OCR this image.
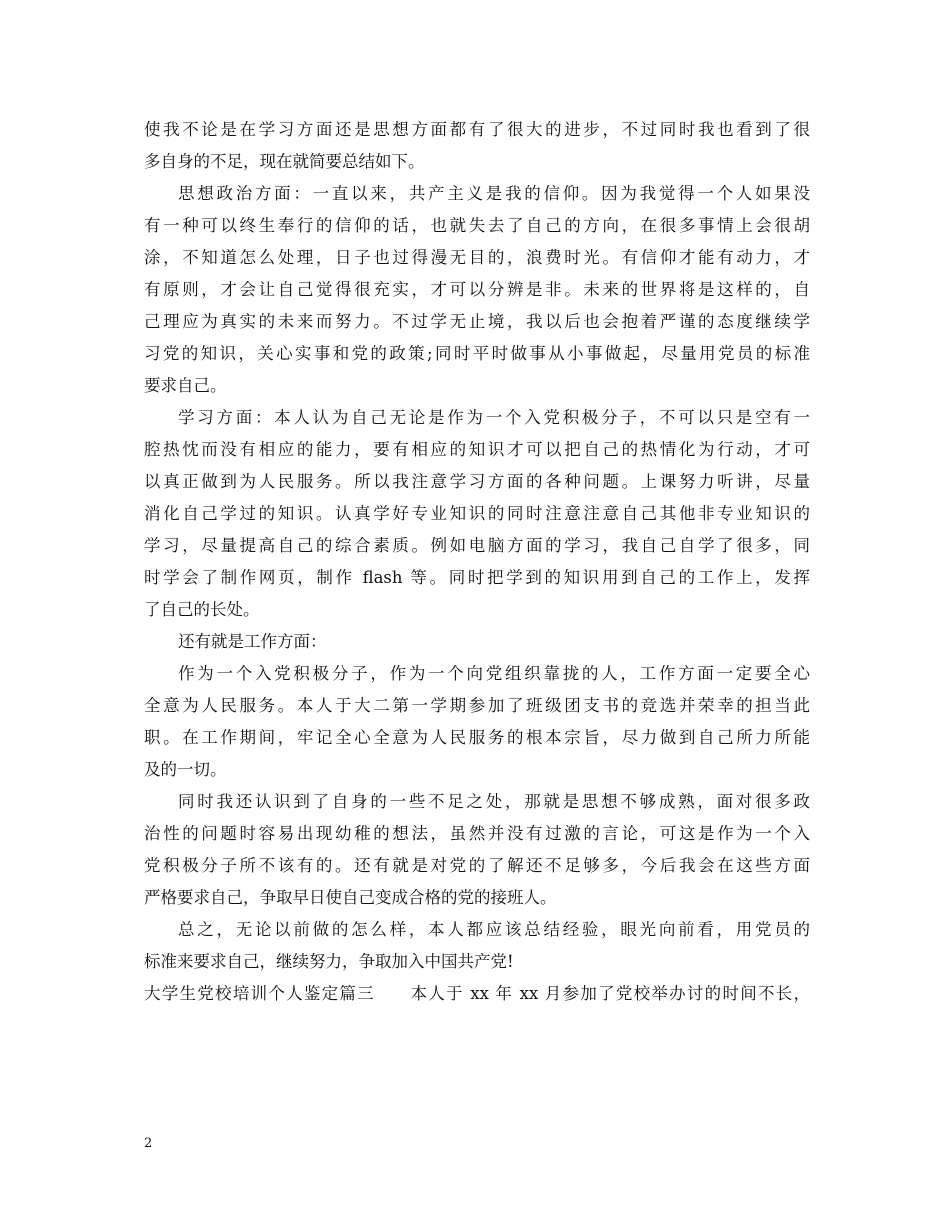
使我不论是在学习方面还是思想方面都有了很大的进步，不过同时我也看到了很
多自身的不足，现在就简要总结如下。
思想政治方面：一直以来，共产主义是我的信仰。因为我觉得一个人如果没
有一种可以终生奉行的信仰的话，也就失去了自己的方向，在很多事情上会很胡
涂，不知道怎么处理，日子也过得漫无目的，浪费时光。有信仰才能有动力，才
有原则，才会让自己觉得很充实，才可以分辨是非。未来的世界将是这样的，自
己理应为真实的未来而努力。不过学无止境，我以后也会抱着严谨的态度继续学
习党的知识，关心实事和党的政策;同时平时做事从小事做起，尽量用党员的标准
要求自己。
学习方面：本人认为自己无论是作为一个入党积极分子，不可以只是空有一
腔热忱而没有相应的能力，要有相应的知识才可以把自己的热情化为行动，才可
以真正做到为人民服务。所以我注意学习方面的各种问题。上课努力听讲，尽量
消化自己学过的知识。认真学好专业知识的同时注意注意自己其他非专业知识的
学习，尽量提高自己的综合素质。例如电脑方面的学习，我自己自学了很多，同
时学会了制作网页，制作 flash 等。同时把学到的知识用到自己的工作上，发挥
了自己的长处。
还有就是工作方面：
作为一个入党积极分子，作为一个向党组织靠拢的人，工作方面一定要全心
全意为人民服务。本人于大二第一学期参加了班级团支书的竞选并荣幸的担当此
职。在工作期间，牢记全心全意为人民服务的根本宗旨，尽力做到自己所力所能
及的一切。
同时我还认识到了自身的一些不足之处，那就是思想不够成熟，面对很多政
治性的问题时容易出现幼稚的想法，虽然并没有过激的言论，可这是作为一个入
党积极分子所不该有的。还有就是对党的了解还不足够多，今后我会在这些方面
严格要求自己，争取早日使自己变成合格的党的接班人。
总之，无论以前做的怎么样，本人都应该总结经验，眼光向前看，用党员的
标准来要求自己，继续努力，争取加入中国共产党!
大学生党校培训个人鉴定篇三　　本人于 xx 年 xx 月参加了党校举办讨的时间不长，
2
